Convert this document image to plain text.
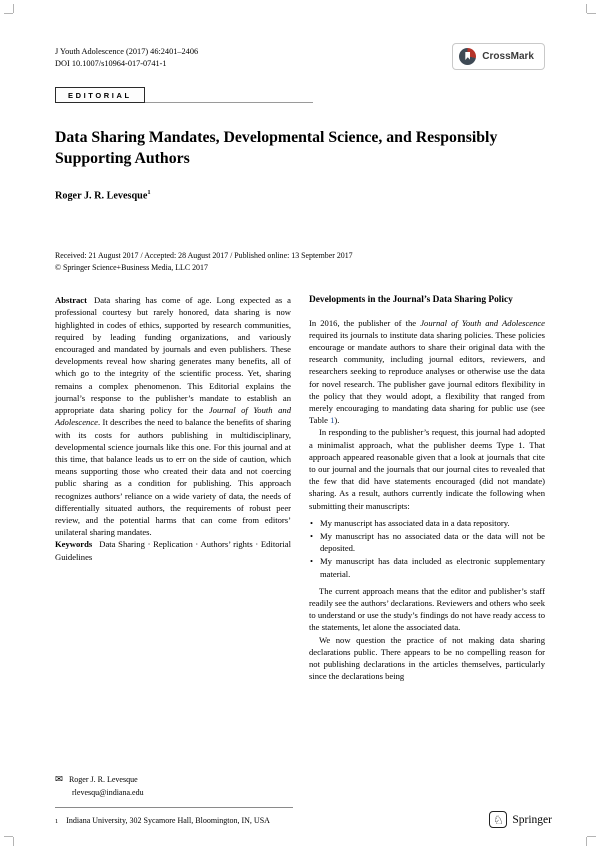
J Youth Adolescence (2017) 46:2401–2406
DOI 10.1007/s10964-017-0741-1
CrossMark
EDITORIAL
Data Sharing Mandates, Developmental Science, and Responsibly Supporting Authors
Roger J. R. Levesque$^1$
Received: 21 August 2017 / Accepted: 28 August 2017 / Published online: 13 September 2017
© Springer Science+Business Media, LLC 2017

Abstract Data sharing has come of age. Long expected as a professional courtesy but rarely honored, data sharing is now highlighted in codes of ethics, supported by research communities, required by leading funding organizations, and variously encouraged and mandated by journals and even publishers. These developments reveal how sharing generates many benefits, all of which go to the integrity of the scientific process. Yet, sharing remains a complex phenomenon. This Editorial explains the journal’s response to the publisher’s mandate to establish an appropriate data sharing policy for the Journal of Youth and Adolescence. It describes the need to balance the benefits of sharing with its costs for authors publishing in multidisciplinary, developmental science journals like this one. For this journal and at this time, that balance leads us to err on the side of caution, which means supporting those who created their data and not coercing public sharing as a condition for publishing. This approach recognizes authors’ reliance on a wide variety of data, the needs of differentially situated authors, the requirements of robust peer review, and the potential harms that can come from editors’ unilateral sharing mandates.

Keywords Data Sharing · Replication · Authors’ rights · Editorial Guidelines

Developments in the Journal’s Data Sharing Policy

In 2016, the publisher of the Journal of Youth and Adolescence required its journals to institute data sharing policies. These policies encourage or mandate authors to share their original data with the research community, including journal editors, reviewers, and researchers seeking to reproduce analyses or otherwise use the data for novel research. The publisher gave journal editors flexibility in the policy that they would adopt, a flexibility that ranged from merely encouraging to mandating data sharing for public use (see Table 1).

In responding to the publisher’s request, this journal had adopted a minimalist approach, what the publisher deems Type 1. That approach appeared reasonable given that a look at journals that cite to our journal and the journals that our journal cites to revealed that the few that did have statements encouraged (did not mandate) sharing. As a result, authors currently indicate the following when submitting their manuscripts:

• My manuscript has associated data in a data repository.
• My manuscript has no associated data or the data will not be deposited.
• My manuscript has data included as electronic supplementary material.

The current approach means that the editor and publisher’s staff readily see the authors’ declarations. Reviewers and others who seek to understand or use the study’s findings do not have ready access to the statements, let alone the associated data.

We now question the practice of not making data sharing declarations public. There appears to be no compelling reason for not publishing declarations in the articles themselves, particularly since the declarations being

✉ Roger J. R. Levesque
rlevesqu@indiana.edu
1 Indiana University, 302 Sycamore Hall, Bloomington, IN, USA	♘ Springer
